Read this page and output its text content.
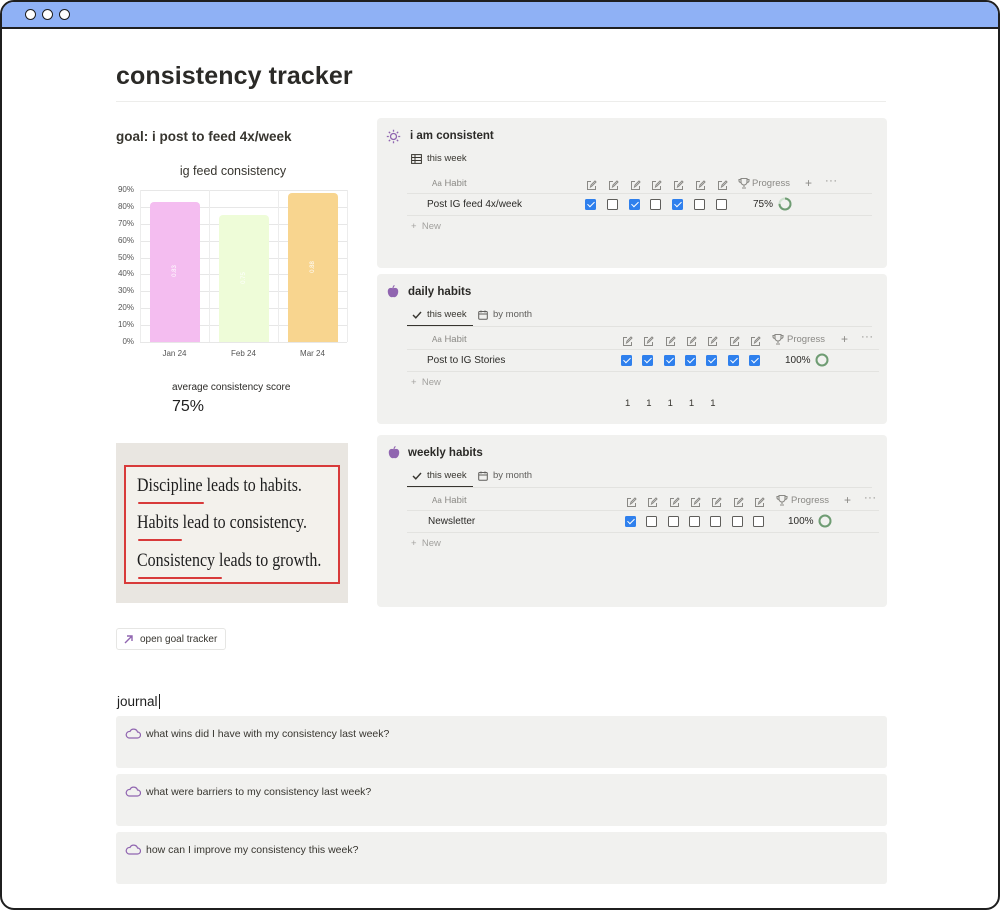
consistency tracker
goal: i post to feed 4x/week
ig feed consistency
90%
80%
70%
60%
50%
40%
30%
20%
10%
0%
0.83
Jan 24
0.75
Feb 24
0.88
Mar 24
average consistency score
75%
Discipline leads to habits.
Habits lead to consistency.
Consistency leads to growth.
open goal tracker
i am consistent
this week
Aa Habit	Progress + ···
Post IG feed 4x/week	75%
+  New
daily habits
this week	by month
Aa Habit	Progress + ···
Post to IG Stories	100%
+  New
1 1 1 1 1
weekly habits
this week	by month
Aa Habit	Progress + ···
Newsletter	100%
+  New
journal
what wins did I have with my consistency last week?
what were barriers to my consistency last week?
how can I improve my consistency this week?
